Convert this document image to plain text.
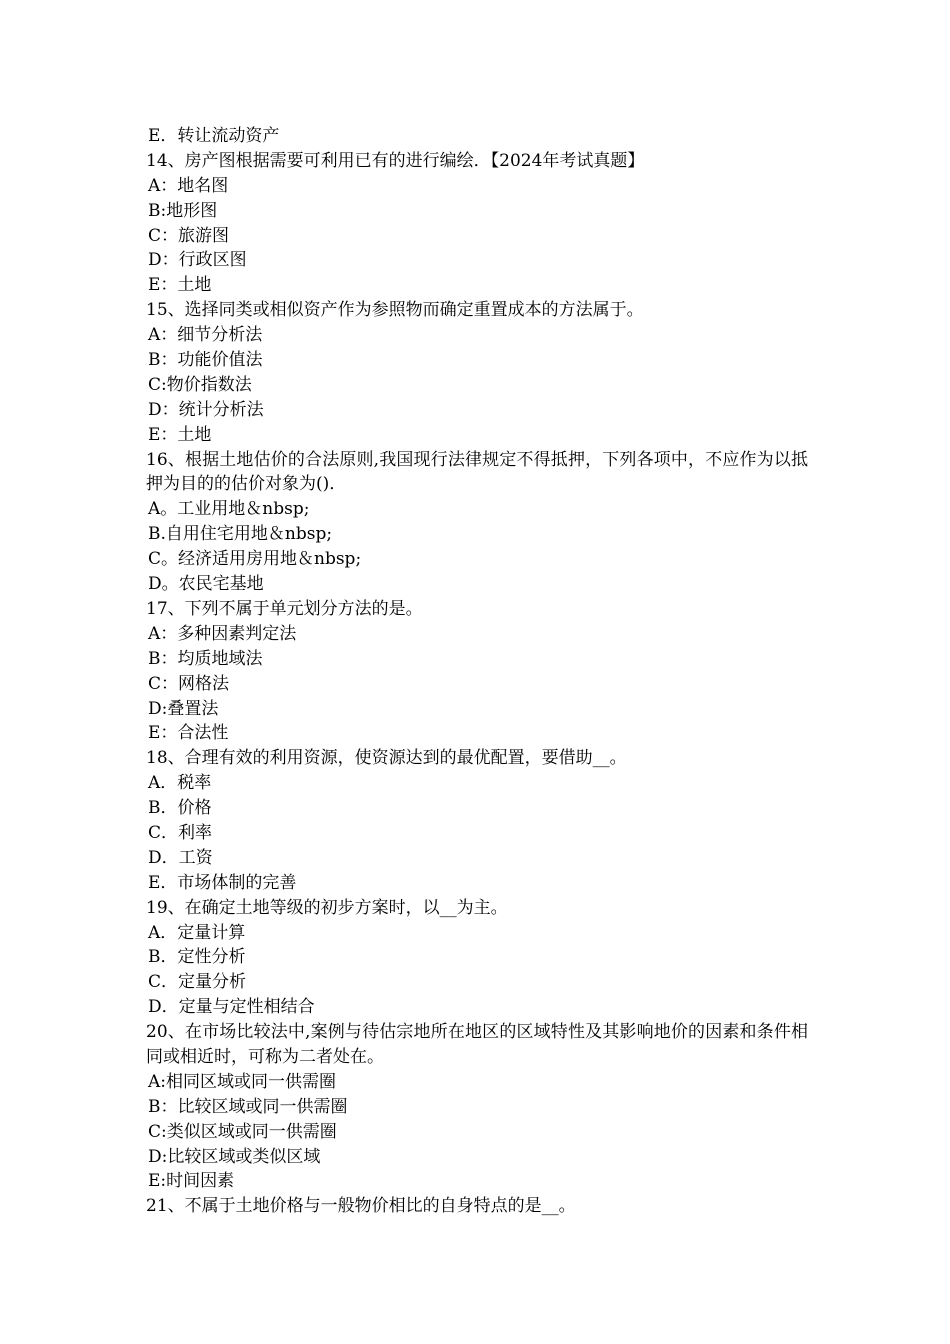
E．转让流动资产
14、房产图根据需要可利用已有的进行编绘．【2024年考试真题】
A：地名图
B:地形图
C：旅游图
D：行政区图
E：土地
15、选择同类或相似资产作为参照物而确定重置成本的方法属于。
A：细节分析法
B：功能价值法
C:物价指数法
D：统计分析法
E：土地
16、根据土地估价的合法原则,我国现行法律规定不得抵押，下列各项中，不应作为以抵押为目的的估价对象为()．
A。工业用地＆nbsp;
B.自用住宅用地＆nbsp;
C。经济适用房用地＆nbsp;
D。农民宅基地
17、下列不属于单元划分方法的是。
A：多种因素判定法
B：均质地域法
C：网格法
D:叠置法
E：合法性
18、合理有效的利用资源，使资源达到的最优配置，要借助__。
A．税率
B．价格
C．利率
D．工资
E．市场体制的完善
19、在确定土地等级的初步方案时，以__为主。
A．定量计算
B．定性分析
C．定量分析
D．定量与定性相结合
20、在市场比较法中,案例与待估宗地所在地区的区域特性及其影响地价的因素和条件相同或相近时，可称为二者处在。
A:相同区域或同一供需圈
B：比较区域或同一供需圈
C:类似区域或同一供需圈
D:比较区域或类似区域
E:时间因素
21、不属于土地价格与一般物价相比的自身特点的是__。
